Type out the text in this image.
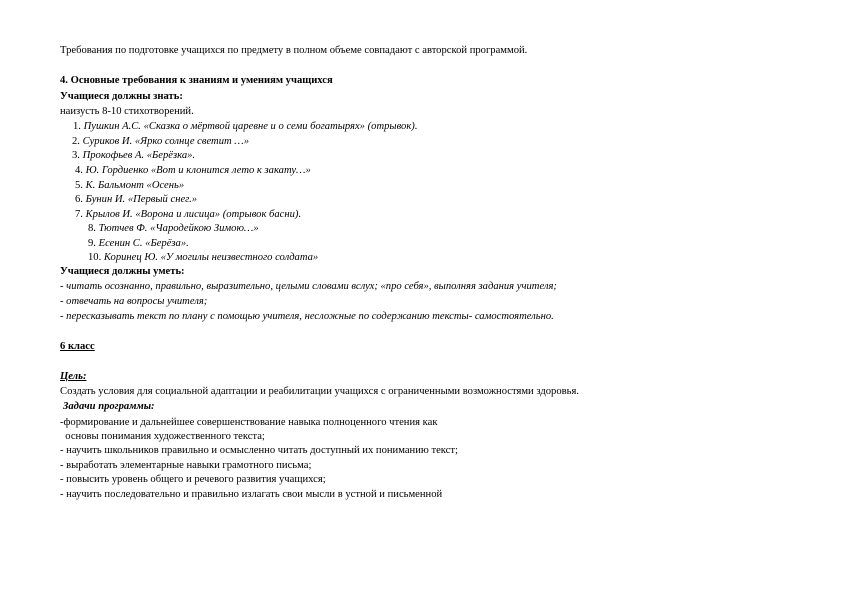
Требования по подготовке учащихся по предмету в полном объеме совпадают с авторской программой.
4. Основные требования к знаниям и умениям учащихся
Учащиеся должны знать:
наизусть 8-10 стихотворений.
1. Пушкин А.С. «Сказка о мёртвой царевне и о семи богатырях» (отрывок).
2. Суриков И. «Ярко солнце светит …»
3. Прокофьев А. «Берёзка».
4. Ю. Гордиенко «Вот и клонится лето к закату…»
5. К. Бальмонт «Осень»
6. Бунин И. «Первый снег.»
7. Крылов И. «Ворона и лисица» (отрывок басни).
8. Тютчев Ф. «Чародейкою Зимою…»
9. Есенин С. «Берёза».
10. Коринец Ю. «У могилы неизвестного солдата»
Учащиеся должны уметь:
- читать осознанно, правильно, выразительно, целыми словами вслух; «про себя», выполняя задания учителя;
- отвечать на вопросы учителя;
- пересказывать текст по плану с помощью учителя, несложные по содержанию тексты- самостоятельно.
6 класс
Цель:
Создать условия для социальной адаптации и реабилитации учащихся с ограниченными возможностями здоровья.
Задачи программы:
-формирование и дальнейшее совершенствование навыка полноценного чтения как
основы понимания художественного текста;
- научить школьников правильно и осмысленно читать доступный их пониманию текст;
- выработать элементарные навыки грамотного письма;
- повысить уровень общего и речевого развития учащихся;
- научить последовательно и правильно излагать свои мысли в устной и письменной
